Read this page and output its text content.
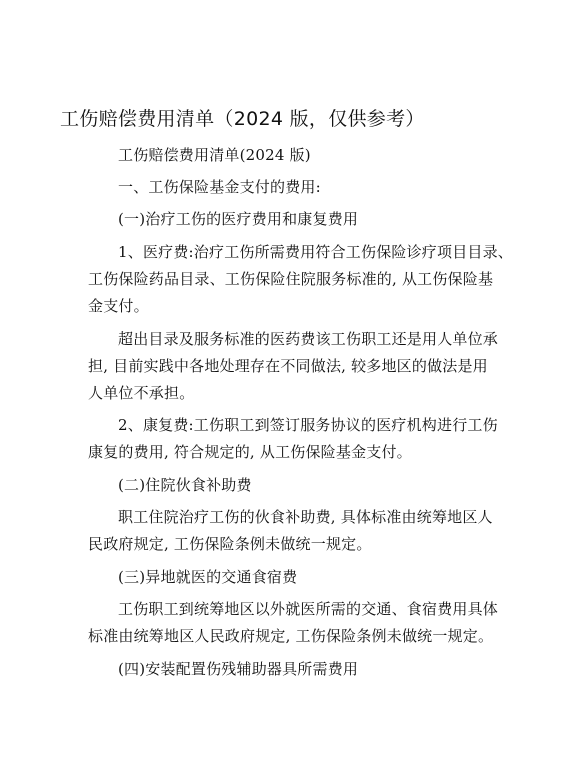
工伤赔偿费用清单（2024 版，仅供参考）
工伤赔偿费用清单(2024 版)
一、工伤保险基金支付的费用:
(一)治疗工伤的医疗费用和康复费用
1、医疗费:治疗工伤所需费用符合工伤保险诊疗项目目录、
工伤保险药品目录、工伤保险住院服务标准的, 从工伤保险基
金支付。
超出目录及服务标准的医药费该工伤职工还是用人单位承
担, 目前实践中各地处理存在不同做法, 较多地区的做法是用
人单位不承担。
2、康复费:工伤职工到签订服务协议的医疗机构进行工伤
康复的费用, 符合规定的, 从工伤保险基金支付。
(二)住院伙食补助费
职工住院治疗工伤的伙食补助费, 具体标准由统筹地区人
民政府规定, 工伤保险条例未做统一规定。
(三)异地就医的交通食宿费
工伤职工到统筹地区以外就医所需的交通、食宿费用具体
标准由统筹地区人民政府规定, 工伤保险条例未做统一规定。
(四)安装配置伤残辅助器具所需费用
